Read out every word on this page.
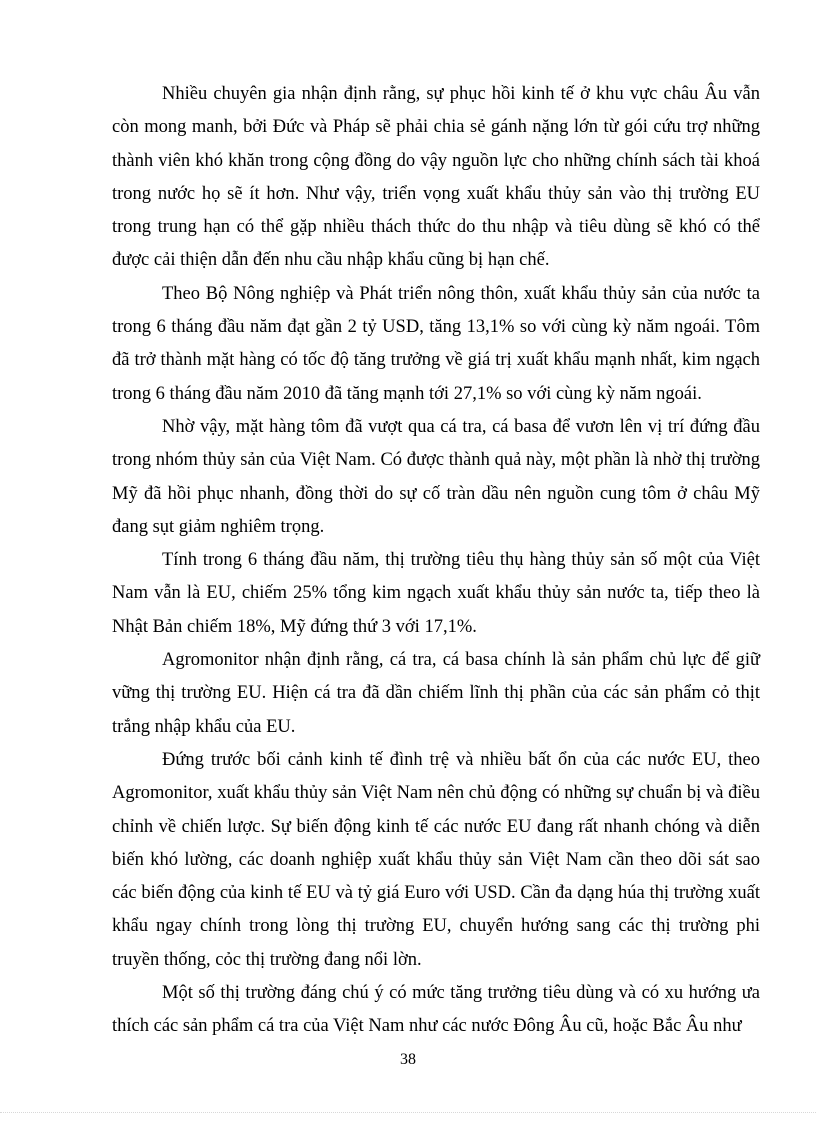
Nhiều chuyên gia nhận định rằng, sự phục hồi kinh tế ở khu vực châu Âu vẫn còn mong manh, bởi Đức và Pháp sẽ phải chia sẻ gánh nặng lớn từ gói cứu trợ những thành viên khó khăn trong cộng đồng do vậy nguồn lực cho những chính sách tài khoá trong nước họ sẽ ít hơn. Như vậy, triển vọng xuất khẩu thủy sản vào thị trường EU trong trung hạn có thể gặp nhiều thách thức do thu nhập và tiêu dùng sẽ khó có thể được cải thiện dẫn đến nhu cầu nhập khẩu cũng bị hạn chế.

Theo Bộ Nông nghiệp và Phát triển nông thôn, xuất khẩu thủy sản của nước ta trong 6 tháng đầu năm đạt gần 2 tỷ USD, tăng 13,1% so với cùng kỳ năm ngoái. Tôm đã trở thành mặt hàng có tốc độ tăng trưởng về giá trị xuất khẩu mạnh nhất, kim ngạch trong 6 tháng đầu năm 2010 đã tăng mạnh tới 27,1% so với cùng kỳ năm ngoái.

Nhờ vậy, mặt hàng tôm đã vượt qua cá tra, cá basa để vươn lên vị trí đứng đầu trong nhóm thủy sản của Việt Nam. Có được thành quả này, một phần là nhờ thị trường Mỹ đã hồi phục nhanh, đồng thời do sự cố tràn dầu nên nguồn cung tôm ở châu Mỹ đang sụt giảm nghiêm trọng.

Tính trong 6 tháng đầu năm, thị trường tiêu thụ hàng thủy sản số một của Việt Nam vẫn là EU, chiếm 25% tổng kim ngạch xuất khẩu thủy sản nước ta, tiếp theo là Nhật Bản chiếm 18%, Mỹ đứng thứ 3 với 17,1%.

Agromonitor nhận định rằng, cá tra, cá basa chính là sản phẩm chủ lực để giữ vững thị trường EU. Hiện cá tra đã dần chiếm lĩnh thị phần của các sản phẩm cỏ thịt trắng nhập khẩu của EU.

Đứng trước bối cảnh kinh tế đình trệ và nhiều bất ổn của các nước EU, theo Agromonitor, xuất khẩu thủy sản Việt Nam nên chủ động có những sự chuẩn bị và điều chỉnh về chiến lược. Sự biến động kinh tế các nước EU đang rất nhanh chóng và diễn biến khó lường, các doanh nghiệp xuất khẩu thủy sản Việt Nam cần theo dõi sát sao các biến động của kinh tế EU và tỷ giá Euro với USD. Cần đa dạng húa thị trường xuất khẩu ngay chính trong lòng thị trường EU, chuyển hướng sang các thị trường phi truyền thống, cỏc thị trường đang nổi lờn.

Một số thị trường đáng chú ý có mức tăng trưởng tiêu dùng và có xu hướng ưa thích các sản phẩm cá tra của Việt Nam như các nước Đông Âu cũ, hoặc Bắc Âu như

38
